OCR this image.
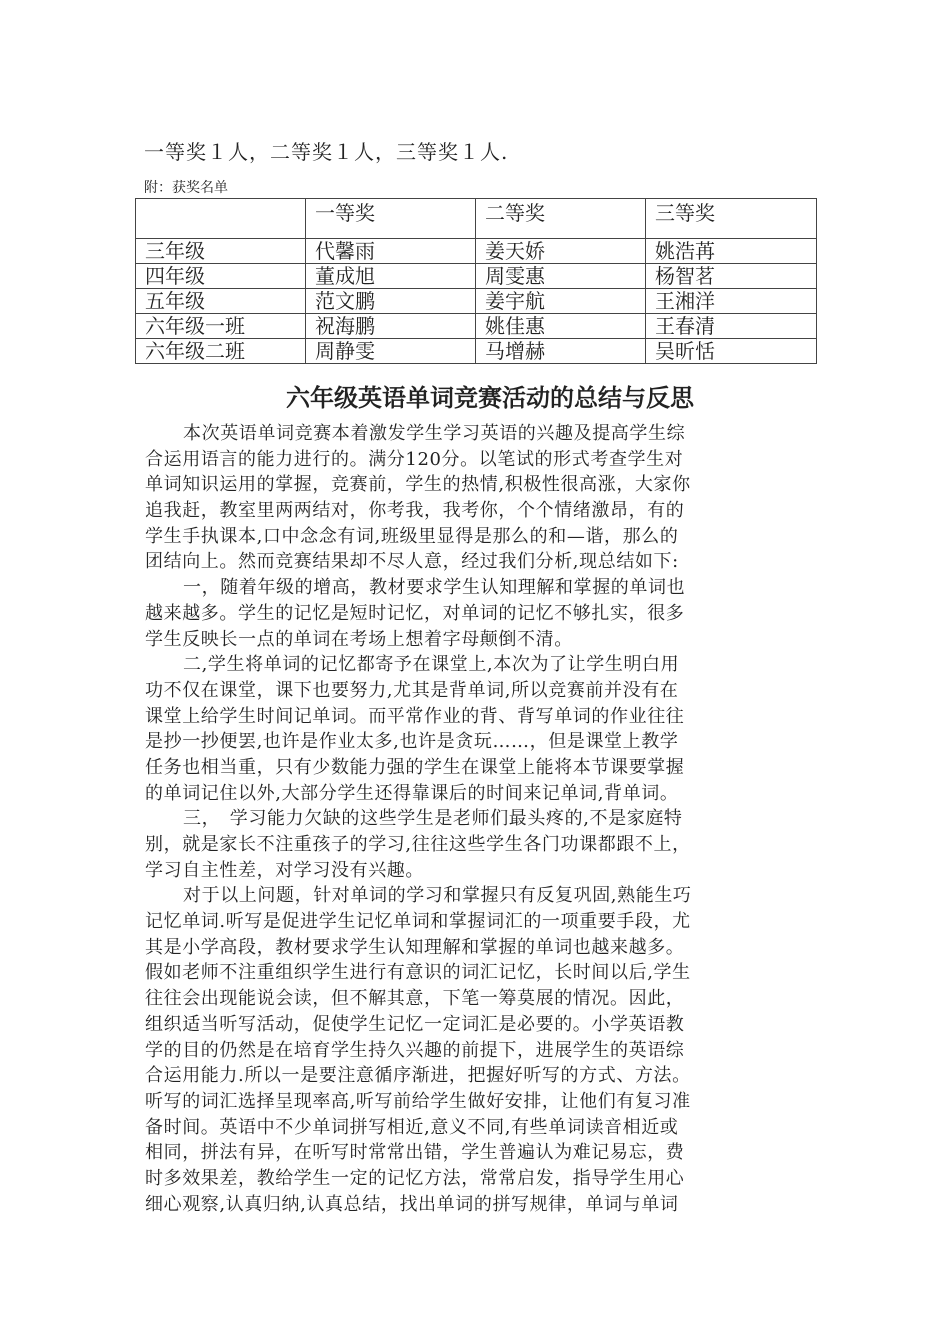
一等奖１人，二等奖１人，三等奖１人.
附：获奖名单
	一等奖	二等奖	三等奖
三年级	代馨雨	姜天娇	姚浩苒
四年级	董成旭	周雯惠	杨智茗
五年级	范文鹏	姜宇航	王湘洋
六年级一班	祝海鹏	姚佳惠	王春清
六年级二班	周静雯	马增赫	吴昕恬
六年级英语单词竞赛活动的总结与反思
本次英语单词竞赛本着激发学生学习英语的兴趣及提高学生综
合运用语言的能力进行的。满分120分。以笔试的形式考查学生对
单词知识运用的掌握，竞赛前，学生的热情,积极性很高涨，大家你
追我赶，教室里两两结对，你考我，我考你，个个情绪激昂，有的
学生手执课本,口中念念有词,班级里显得是那么的和—谐，那么的
团结向上。然而竞赛结果却不尽人意，经过我们分析,现总结如下:
一，随着年级的增高，教材要求学生认知理解和掌握的单词也
越来越多。学生的记忆是短时记忆，对单词的记忆不够扎实，很多
学生反映长一点的单词在考场上想着字母颠倒不清。
二,学生将单词的记忆都寄予在课堂上,本次为了让学生明白用
功不仅在课堂，课下也要努力,尤其是背单词,所以竞赛前并没有在
课堂上给学生时间记单词。而平常作业的背、背写单词的作业往往
是抄一抄便罢,也许是作业太多,也许是贪玩……，但是课堂上教学
任务也相当重，只有少数能力强的学生在课堂上能将本节课要掌握
的单词记住以外,大部分学生还得靠课后的时间来记单词,背单词。
三，　学习能力欠缺的这些学生是老师们最头疼的,不是家庭特
别，就是家长不注重孩子的学习,往往这些学生各门功课都跟不上，
学习自主性差，对学习没有兴趣。
对于以上问题，针对单词的学习和掌握只有反复巩固,熟能生巧
记忆单词.听写是促进学生记忆单词和掌握词汇的一项重要手段，尤
其是小学高段，教材要求学生认知理解和掌握的单词也越来越多。
假如老师不注重组织学生进行有意识的词汇记忆，长时间以后,学生
往往会出现能说会读，但不解其意，下笔一筹莫展的情况。因此，
组织适当听写活动，促使学生记忆一定词汇是必要的。小学英语教
学的目的仍然是在培育学生持久兴趣的前提下，进展学生的英语综
合运用能力.所以一是要注意循序渐进，把握好听写的方式、方法。
听写的词汇选择呈现率高,听写前给学生做好安排，让他们有复习准
备时间。英语中不少单词拼写相近,意义不同,有些单词读音相近或
相同，拼法有异，在听写时常常出错，学生普遍认为难记易忘，费
时多效果差，教给学生一定的记忆方法，常常启发，指导学生用心
细心观察,认真归纳,认真总结，找出单词的拼写规律，单词与单词
